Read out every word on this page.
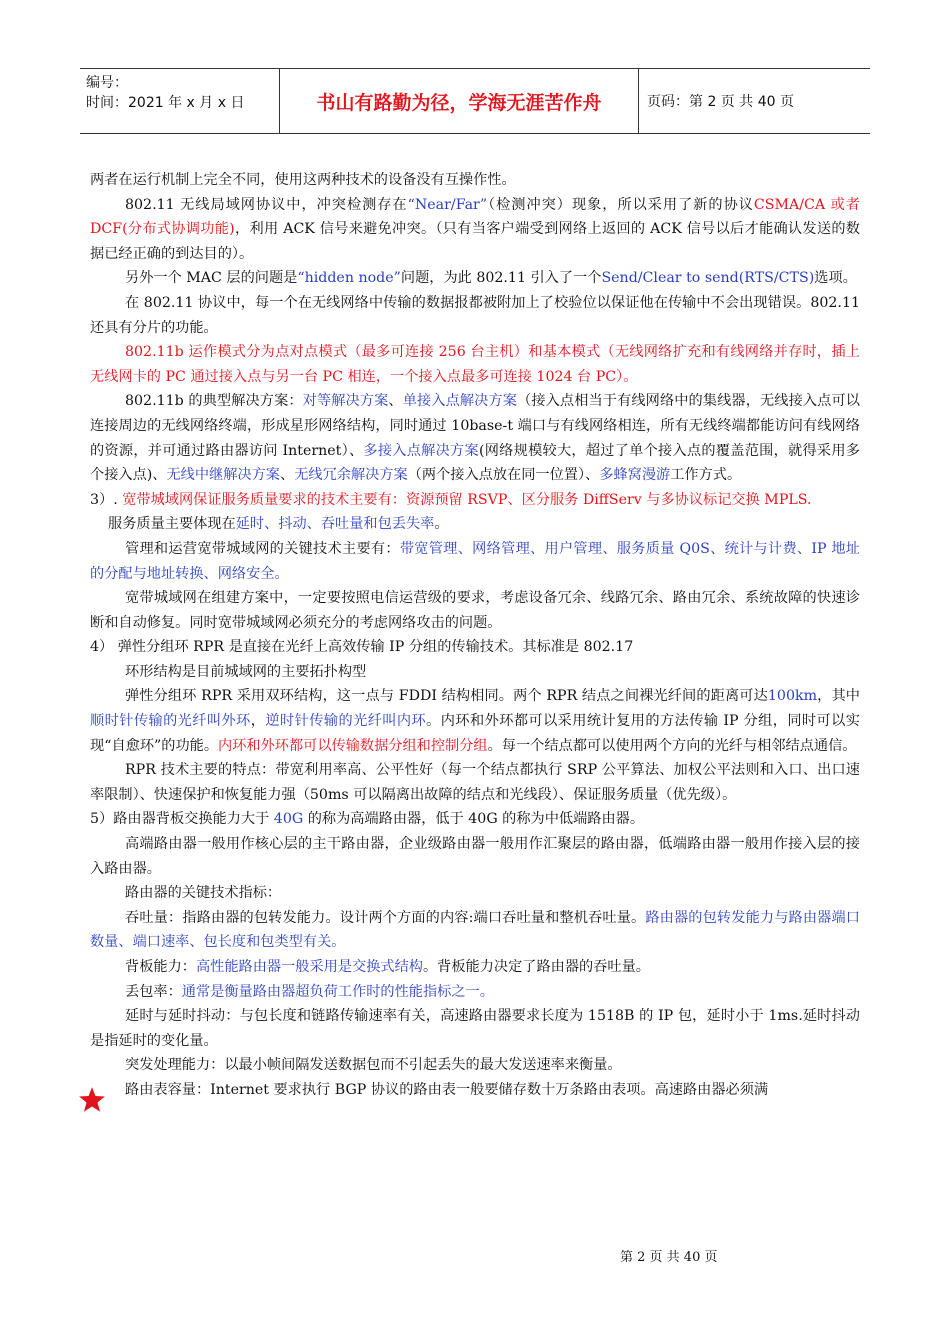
编号：
时间：2021 年 x 月 x 日	书山有路勤为径，学海无涯苦作舟	页码：第 2 页 共 40 页

两者在运行机制上完全不同，使用这两种技术的设备没有互操作性。

802.11 无线局域网协议中，冲突检测存在“Near/Far”（检测冲突）现象，所以采用了新的协议CSMA/CA 或者 DCF(分布式协调功能)，利用 ACK 信号来避免冲突。（只有当客户端受到网络上返回的 ACK 信号以后才能确认发送的数据已经正确的到达目的）。

另外一个 MAC 层的问题是“hidden node”问题，为此 802.11 引入了一个Send/Clear to send(RTS/CTS)选项。

在 802.11 协议中，每一个在无线网络中传输的数据报都被附加上了校验位以保证他在传输中不会出现错误。802.11 还具有分片的功能。

802.11b 运作模式分为点对点模式（最多可连接 256 台主机）和基本模式（无线网络扩充和有线网络并存时，插上无线网卡的 PC 通过接入点与另一台 PC 相连，一个接入点最多可连接 1024 台 PC）。

802.11b 的典型解决方案：对等解决方案、单接入点解决方案（接入点相当于有线网络中的集线器，无线接入点可以连接周边的无线网络终端，形成星形网络结构，同时通过 10base-t 端口与有线网络相连，所有无线终端都能访问有线网络的资源，并可通过路由器访问 Internet）、多接入点解决方案(网络规模较大，超过了单个接入点的覆盖范围，就得采用多个接入点)、无线中继解决方案、无线冗余解决方案（两个接入点放在同一位置）、多蜂窝漫游工作方式。

3）. 宽带城域网保证服务质量要求的技术主要有：资源预留 RSVP、区分服务 DiffServ 与多协议标记交换 MPLS.

服务质量主要体现在延时、抖动、吞吐量和包丢失率。

管理和运营宽带城域网的关键技术主要有：带宽管理、网络管理、用户管理、服务质量 Q0S、统计与计费、IP 地址的分配与地址转换、网络安全。

宽带城域网在组建方案中，一定要按照电信运营级的要求，考虑设备冗余、线路冗余、路由冗余、系统故障的快速诊断和自动修复。同时宽带城域网必须充分的考虑网络攻击的问题。

4） 弹性分组环 RPR 是直接在光纤上高效传输 IP 分组的传输技术。其标准是 802.17

环形结构是目前城域网的主要拓扑构型

弹性分组环 RPR 采用双环结构，这一点与 FDDI 结构相同。两个 RPR 结点之间裸光纤间的距离可达100km，其中顺时针传输的光纤叫外环，逆时针传输的光纤叫内环。内环和外环都可以采用统计复用的方法传输 IP 分组，同时可以实现“自愈环”的功能。内环和外环都可以传输数据分组和控制分组。每一个结点都可以使用两个方向的光纤与相邻结点通信。

RPR 技术主要的特点：带宽利用率高、公平性好（每一个结点都执行 SRP 公平算法、加权公平法则和入口、出口速率限制）、快速保护和恢复能力强（50ms 可以隔离出故障的结点和光线段）、保证服务质量（优先级）。

5）路由器背板交换能力大于 40G 的称为高端路由器，低于 40G 的称为中低端路由器。

高端路由器一般用作核心层的主干路由器，企业级路由器一般用作汇聚层的路由器，低端路由器一般用作接入层的接入路由器。

路由器的关键技术指标：

吞吐量：指路由器的包转发能力。设计两个方面的内容:端口吞吐量和整机吞吐量。路由器的包转发能力与路由器端口数量、端口速率、包长度和包类型有关。

背板能力：高性能路由器一般采用是交换式结构。背板能力决定了路由器的吞吐量。

丢包率：通常是衡量路由器超负荷工作时的性能指标之一。

延时与延时抖动：与包长度和链路传输速率有关，高速路由器要求长度为 1518B 的 IP 包，延时小于 1ms.延时抖动是指延时的变化量。

突发处理能力：以最小帧间隔发送数据包而不引起丢失的最大发送速率来衡量。

路由表容量：Internet 要求执行 BGP 协议的路由表一般要储存数十万条路由表项。高速路由器必须满

第 2 页 共 40 页
